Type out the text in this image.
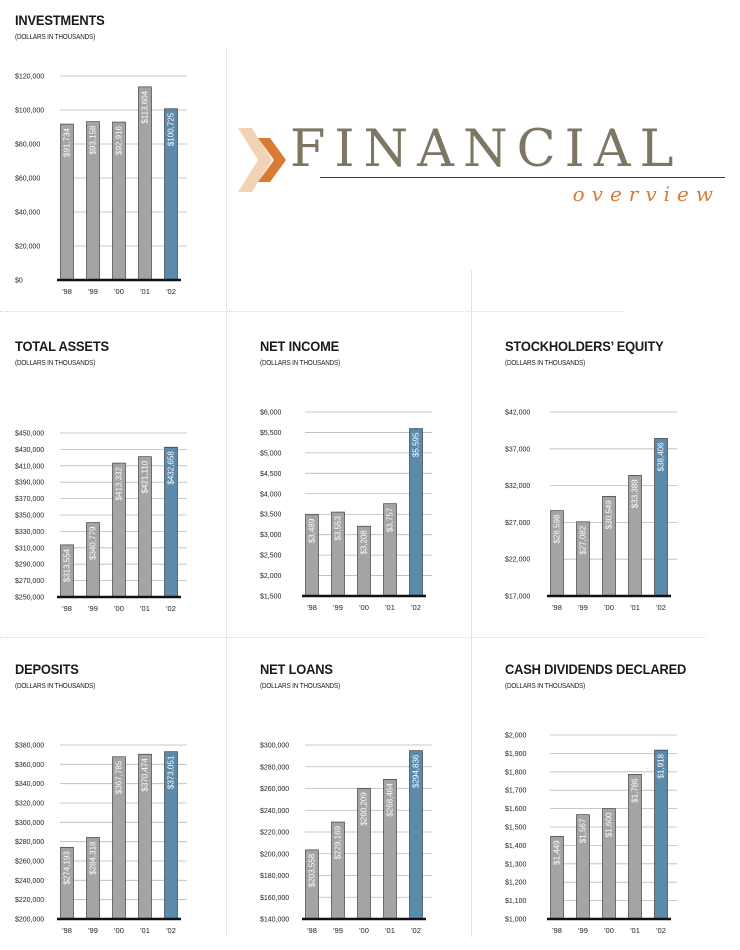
FINANCIAL
overview
INVESTMENTS
(DOLLARS IN THOUSANDS)
$120,000
$100,000
$80,000
$60,000
$40,000
$20,000
$0
$91,734
'98
$93,158
'99
$92,916
'00
$113,604
'01
$100,725
'02
TOTAL ASSETS
(DOLLARS IN THOUSANDS)
$450,000
$430,000
$410,000
$390,000
$370,000
$350,000
$330,000
$310,000
$290,000
$270,000
$250,000
$313,554
'98
$340,779
'99
$413,332
'00
$421,110
'01
$432,658
'02
NET INCOME
(DOLLARS IN THOUSANDS)
$6,000
$5,500
$5,000
$4,500
$4,000
$3,500
$3,000
$2,500
$2,000
$1,500
$3,489
'98
$3,553
'99
$3,208
'00
$3,757
'01
$5,595
'02
STOCKHOLDERS’ EQUITY
(DOLLARS IN THOUSANDS)
$42,000
$37,000
$32,000
$27,000
$22,000
$17,000
$28,598
'98
$27,082
'99
$30,549
'00
$33,389
'01
$38,406
'02
DEPOSITS
(DOLLARS IN THOUSANDS)
$380,000
$360,000
$340,000
$320,000
$300,000
$280,000
$260,000
$240,000
$220,000
$200,000
$274,193
'98
$284,318
'99
$367,785
'00
$370,474
'01
$373,051
'02
NET LOANS
(DOLLARS IN THOUSANDS)
$300,000
$280,000
$260,000
$240,000
$220,000
$200,000
$180,000
$160,000
$140,000
$203,558
'98
$229,169
'99
$260,209
'00
$268,464
'01
$294,836
'02
CASH DIVIDENDS DECLARED
(DOLLARS IN THOUSANDS)
$2,000
$1,900
$1,800
$1,700
$1,600
$1,500
$1,400
$1,300
$1,200
$1,100
$1,000
$1,449
'98
$1,567
'99
$1,600
'00
$1,786
'01
$1,918
'02
